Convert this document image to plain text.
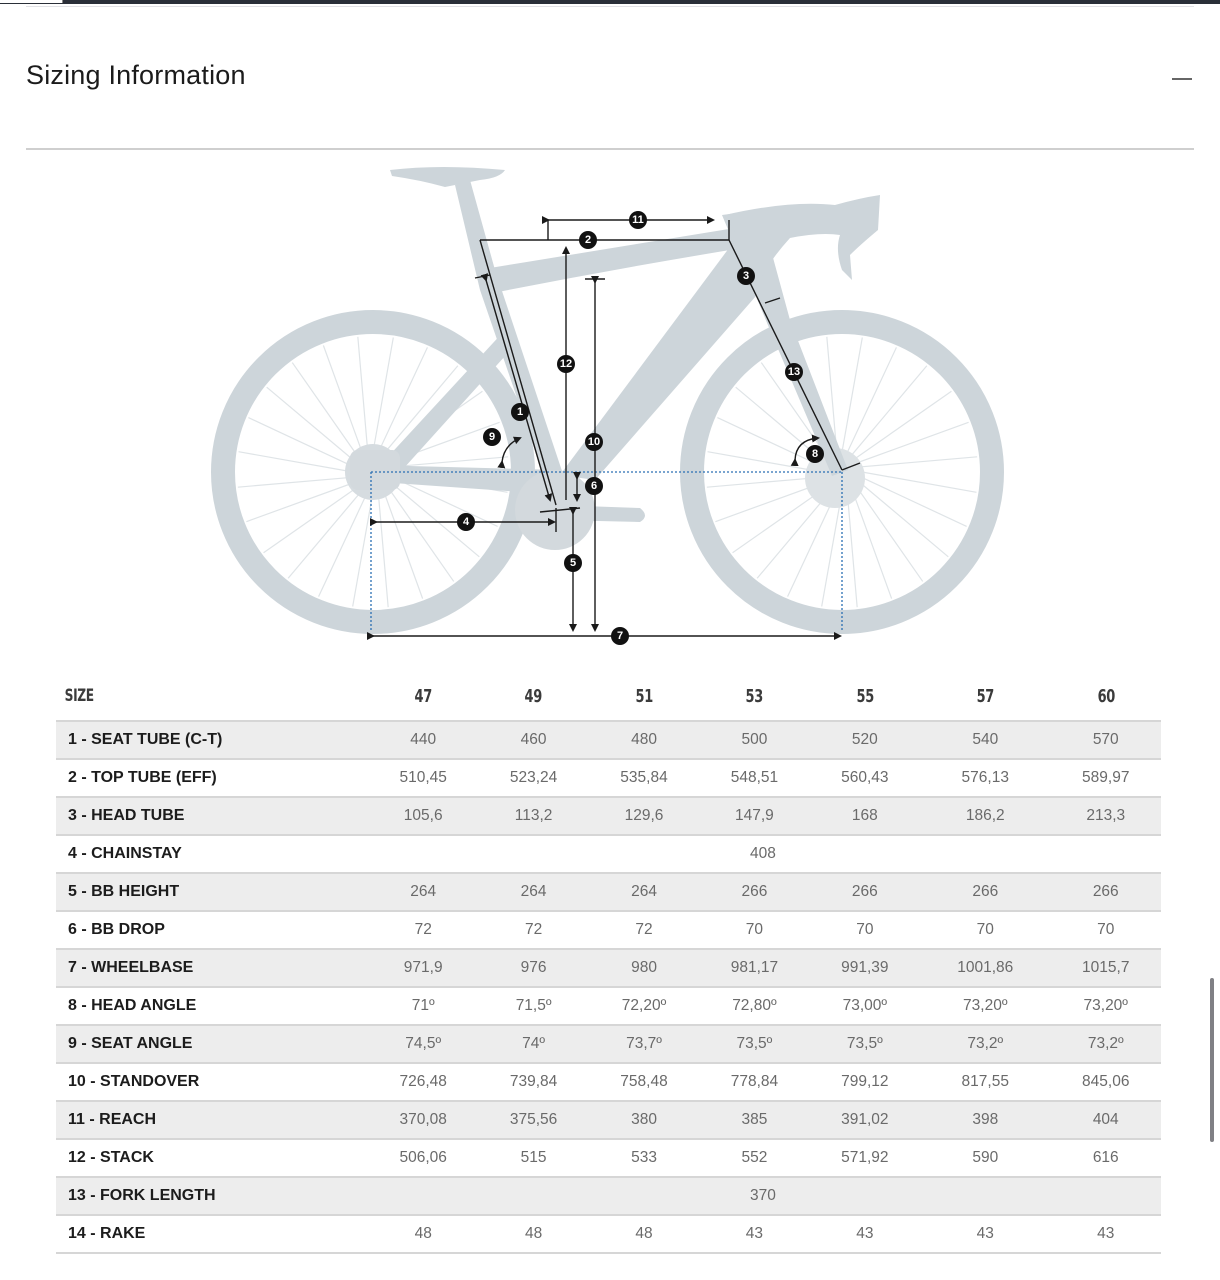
Sizing Information
1
2
3
4
5
6
7
8
9	10
11
12
13
SIZE	47	49	51	53	55	57	60
1 - SEAT TUBE (C-T)	440	460	480	500	520	540	570
2 - TOP TUBE (EFF)	510,45	523,24	535,84	548,51	560,43	576,13	589,97
3 - HEAD TUBE	105,6	113,2	129,6	147,9	168	186,2	213,3
4 - CHAINSTAY	408						
5 - BB HEIGHT	264	264	264	266	266	266	266
6 - BB DROP	72	72	72	70	70	70	70
7 - WHEELBASE	971,9	976	980	981,17	991,39	1001,86	1015,7
8 - HEAD ANGLE	71º	71,5º	72,20º	72,80º	73,00º	73,20º	73,20º
9 - SEAT ANGLE	74,5º	74º	73,7º	73,5º	73,5º	73,2º	73,2º
10 - STANDOVER	726,48	739,84	758,48	778,84	799,12	817,55	845,06
11 - REACH	370,08	375,56	380	385	391,02	398	404
12 - STACK	506,06	515	533	552	571,92	590	616
13 - FORK LENGTH	370						
14 - RAKE	48	48	48	43	43	43	43
